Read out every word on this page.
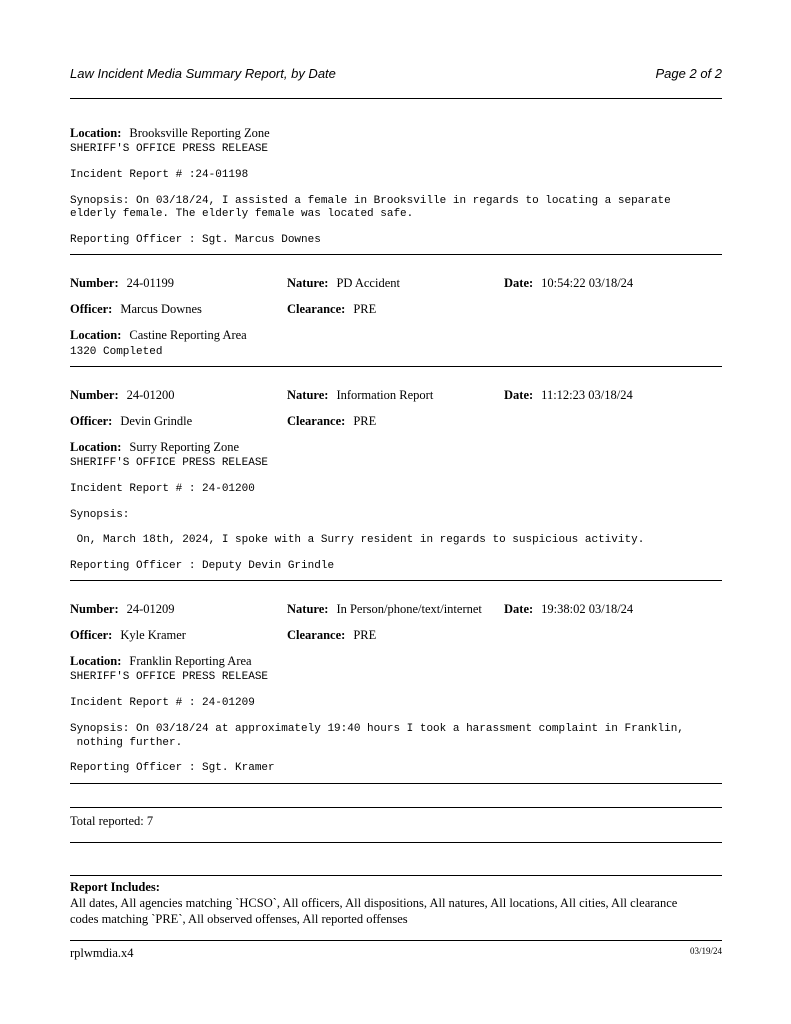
Law Incident Media Summary Report, by Date	Page 2 of 2
Location: Brooksville Reporting Zone
SHERIFF'S OFFICE PRESS RELEASE
Incident Report # :24-01198
Synopsis: On 03/18/24, I assisted a female in Brooksville in regards to locating a separate
elderly female. The elderly female was located safe.
Reporting Officer : Sgt. Marcus Downes
Number: 24-01199	Nature: PD Accident	Date: 10:54:22 03/18/24
Officer: Marcus Downes	Clearance: PRE
Location: Castine Reporting Area
1320 Completed
Number: 24-01200	Nature: Information Report	Date: 11:12:23 03/18/24
Officer: Devin Grindle	Clearance: PRE
Location: Surry Reporting Zone
SHERIFF'S OFFICE PRESS RELEASE
Incident Report # : 24-01200
Synopsis:
On, March 18th, 2024, I spoke with a Surry resident in regards to suspicious activity.
Reporting Officer : Deputy Devin Grindle
Number: 24-01209	Nature: In Person/phone/text/internet Date: 19:38:02 03/18/24
Officer: Kyle Kramer	Clearance: PRE
Location: Franklin Reporting Area
SHERIFF'S OFFICE PRESS RELEASE
Incident Report # : 24-01209
Synopsis: On 03/18/24 at approximately 19:40 hours I took a harassment complaint in Franklin,
nothing further.
Reporting Officer : Sgt. Kramer
Total reported: 7
Report Includes:
All dates, All agencies matching `HCSO`, All officers, All dispositions, All natures, All locations, All cities, All clearance
codes matching `PRE`, All observed offenses, All reported offenses
rplwmdia.x4	03/19/24
